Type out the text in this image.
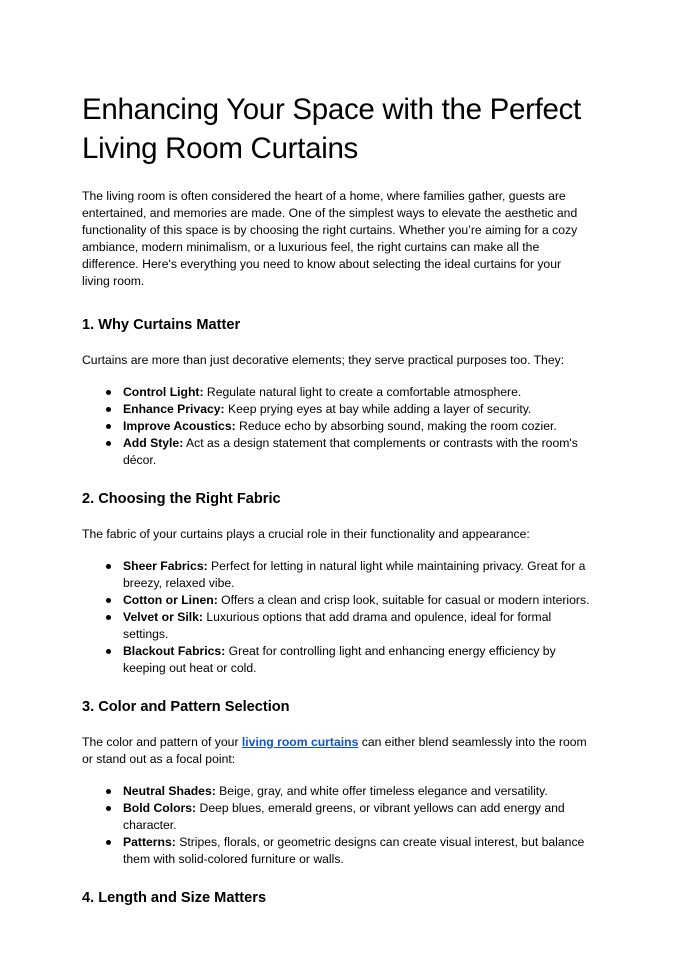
Enhancing Your Space with the Perfect Living Room Curtains

The living room is often considered the heart of a home, where families gather, guests are entertained, and memories are made. One of the simplest ways to elevate the aesthetic and functionality of this space is by choosing the right curtains. Whether you’re aiming for a cozy ambiance, modern minimalism, or a luxurious feel, the right curtains can make all the difference. Here's everything you need to know about selecting the ideal curtains for your living room.

1. Why Curtains Matter

Curtains are more than just decorative elements; they serve practical purposes too. They:

Control Light: Regulate natural light to create a comfortable atmosphere.
Enhance Privacy: Keep prying eyes at bay while adding a layer of security.
Improve Acoustics: Reduce echo by absorbing sound, making the room cozier.
Add Style: Act as a design statement that complements or contrasts with the room's décor.
2. Choosing the Right Fabric

The fabric of your curtains plays a crucial role in their functionality and appearance:

Sheer Fabrics: Perfect for letting in natural light while maintaining privacy. Great for a breezy, relaxed vibe.
Cotton or Linen: Offers a clean and crisp look, suitable for casual or modern interiors.
Velvet or Silk: Luxurious options that add drama and opulence, ideal for formal settings.
Blackout Fabrics: Great for controlling light and enhancing energy efficiency by keeping out heat or cold.
3. Color and Pattern Selection

The color and pattern of your living room curtains can either blend seamlessly into the room or stand out as a focal point:

Neutral Shades: Beige, gray, and white offer timeless elegance and versatility.
Bold Colors: Deep blues, emerald greens, or vibrant yellows can add energy and character.
Patterns: Stripes, florals, or geometric designs can create visual interest, but balance them with solid-colored furniture or walls.
4. Length and Size Matters
